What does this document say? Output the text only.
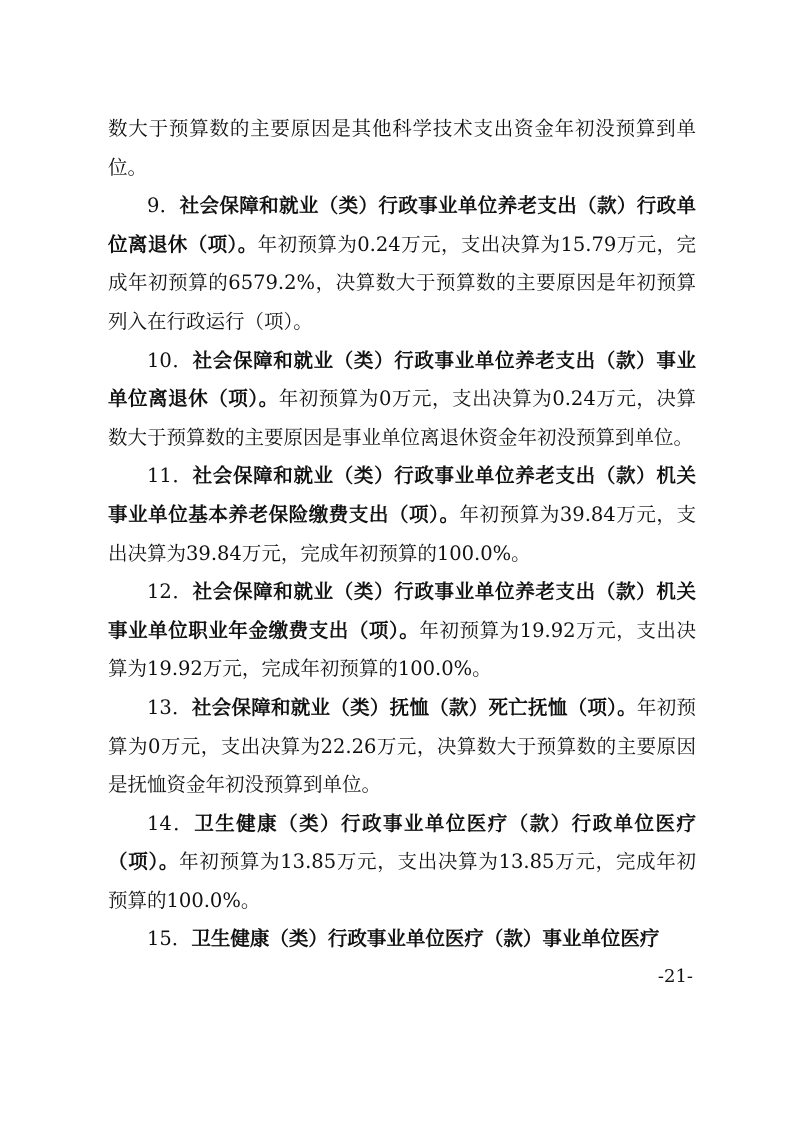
数大于预算数的主要原因是其他科学技术支出资金年初没预算到单位。

9．社会保障和就业（类）行政事业单位养老支出（款）行政单位离退休（项）。年初预算为0.24万元，支出决算为15.79万元，完成年初预算的6579.2%，决算数大于预算数的主要原因是年初预算列入在行政运行（项）。

10．社会保障和就业（类）行政事业单位养老支出（款）事业单位离退休（项）。年初预算为0万元，支出决算为0.24万元，决算数大于预算数的主要原因是事业单位离退休资金年初没预算到单位。

11．社会保障和就业（类）行政事业单位养老支出（款）机关事业单位基本养老保险缴费支出（项）。年初预算为39.84万元，支出决算为39.84万元，完成年初预算的100.0%。

12．社会保障和就业（类）行政事业单位养老支出（款）机关事业单位职业年金缴费支出（项）。年初预算为19.92万元，支出决算为19.92万元，完成年初预算的100.0%。

13．社会保障和就业（类）抚恤（款）死亡抚恤（项）。年初预算为0万元，支出决算为22.26万元，决算数大于预算数的主要原因是抚恤资金年初没预算到单位。

14．卫生健康（类）行政事业单位医疗（款）行政单位医疗（项）。年初预算为13.85万元，支出决算为13.85万元，完成年初预算的100.0%。

15．卫生健康（类）行政事业单位医疗（款）事业单位医疗

-21-
